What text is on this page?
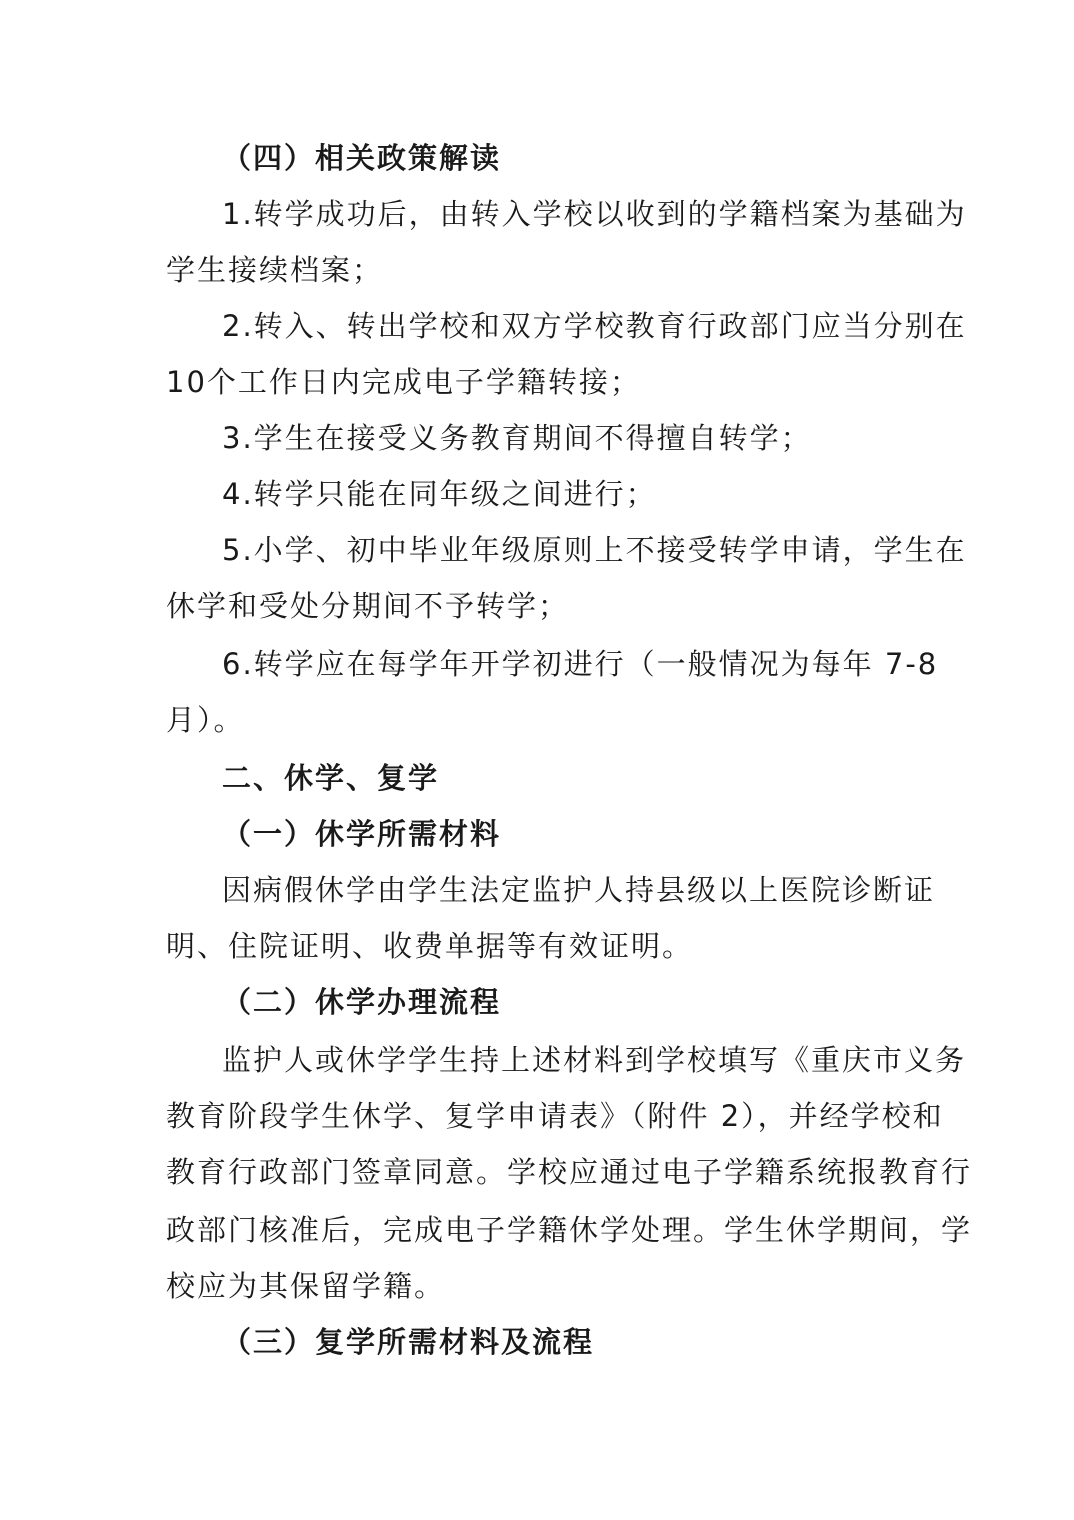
（四）相关政策解读
1.转学成功后，由转入学校以收到的学籍档案为基础为
学生接续档案；
2.转入、转出学校和双方学校教育行政部门应当分别在
10个工作日内完成电子学籍转接；
3.学生在接受义务教育期间不得擅自转学；
4.转学只能在同年级之间进行；
5.小学、初中毕业年级原则上不接受转学申请，学生在
休学和受处分期间不予转学；
6.转学应在每学年开学初进行（一般情况为每年 7-8
月）。
二、休学、复学
（一）休学所需材料
因病假休学由学生法定监护人持县级以上医院诊断证
明、住院证明、收费单据等有效证明。
（二）休学办理流程
监护人或休学学生持上述材料到学校填写《重庆市义务
教育阶段学生休学、复学申请表》（附件 2），并经学校和
教育行政部门签章同意。学校应通过电子学籍系统报教育行
政部门核准后，完成电子学籍休学处理。学生休学期间，学
校应为其保留学籍。
（三）复学所需材料及流程
